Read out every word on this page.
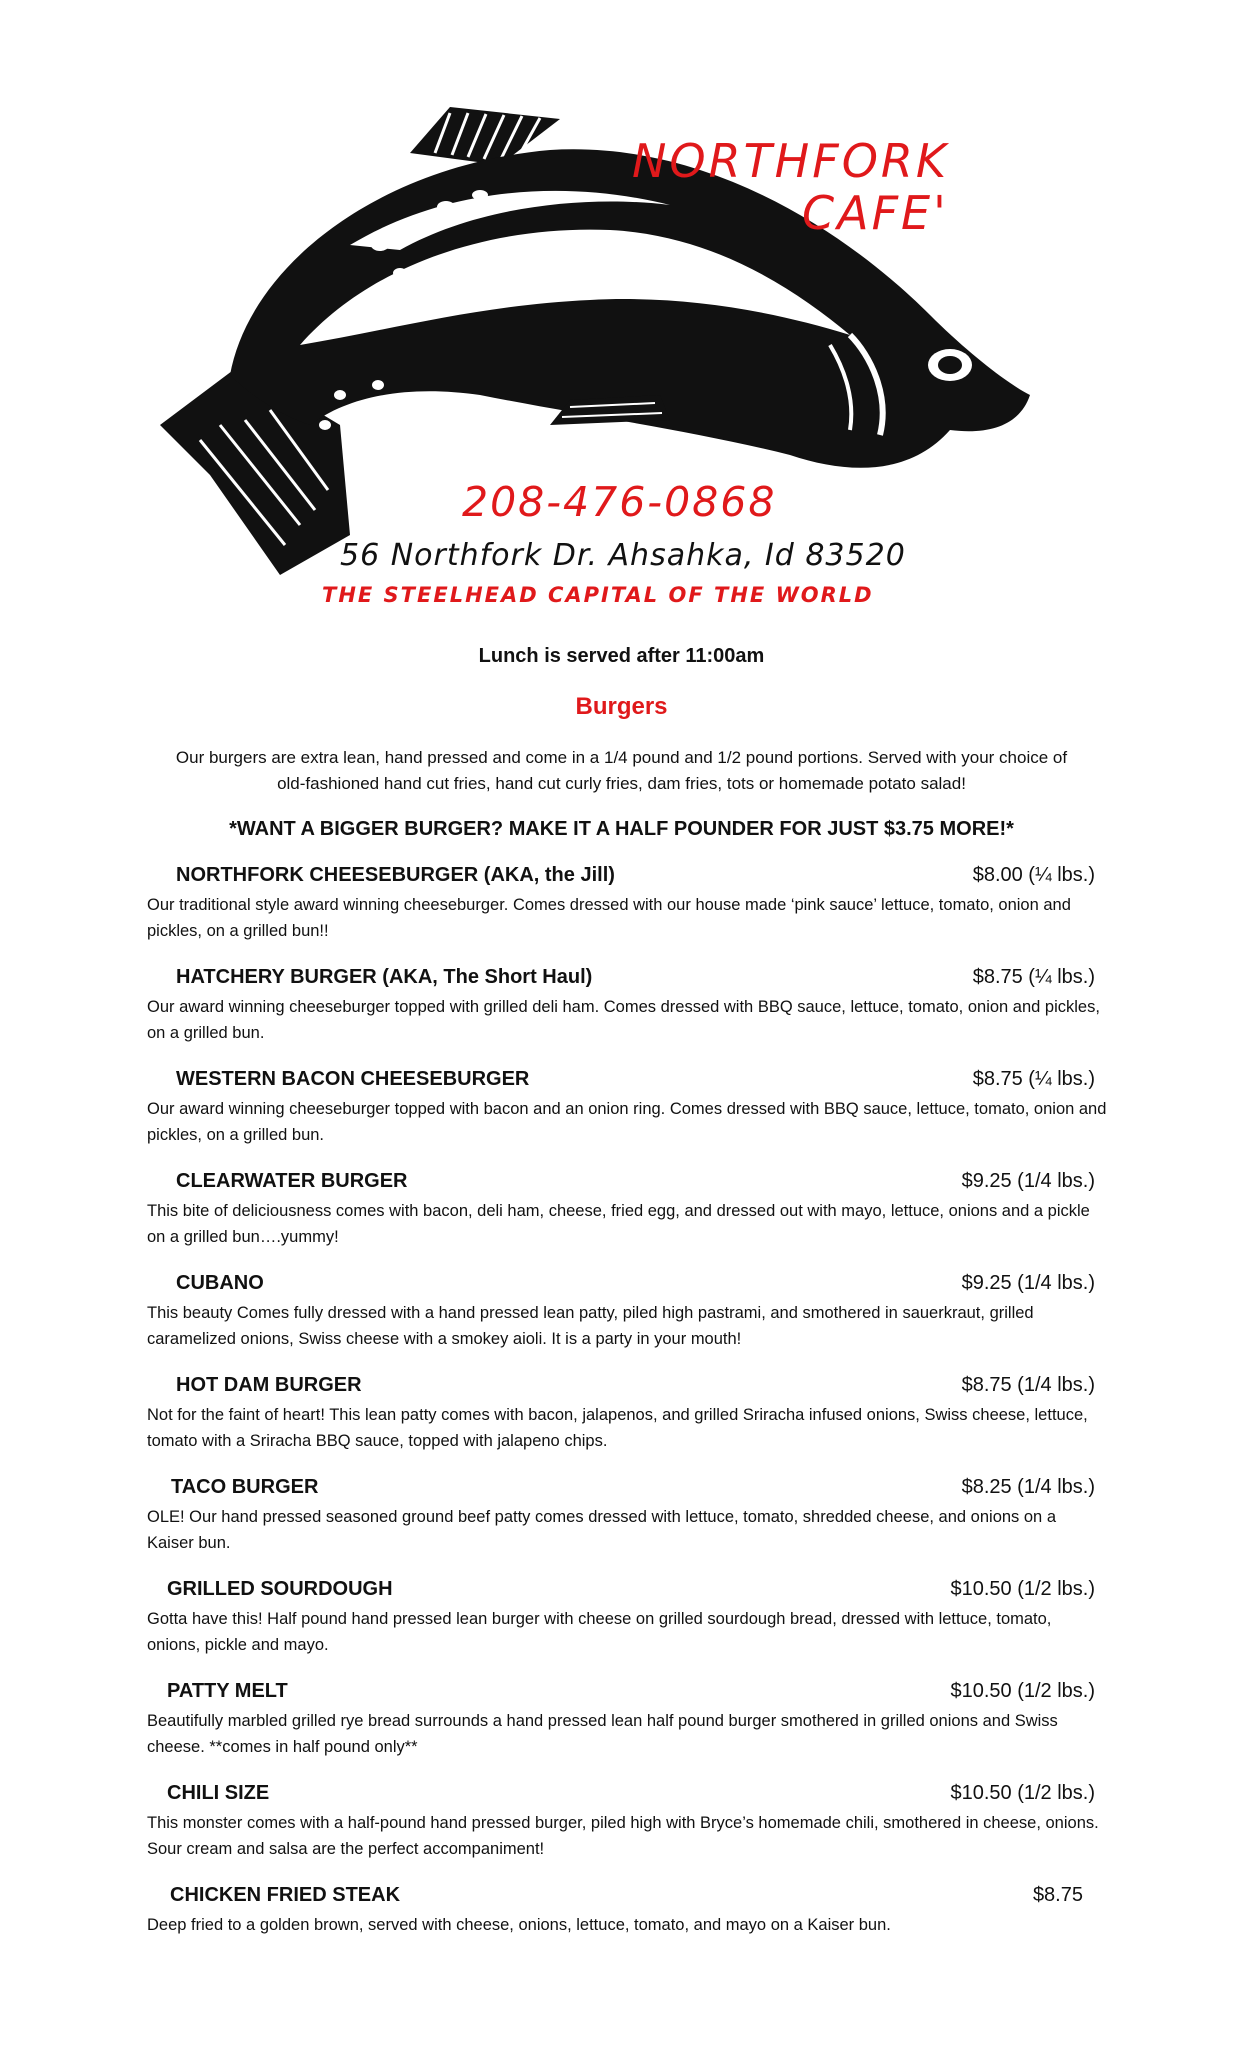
NORTHFORK
CAFE'
208-476-0868
56 Northfork Dr. Ahsahka, Id 83520
THE STEELHEAD CAPITAL OF THE WORLD
Lunch is served after 11:00am
Burgers
Our burgers are extra lean, hand pressed and come in a 1/4 pound and 1/2 pound portions. Served with your choice of old-fashioned hand cut fries, hand cut curly fries, dam fries, tots or homemade potato salad!
*WANT A BIGGER BURGER? MAKE IT A HALF POUNDER FOR JUST $3.75 MORE!*
NORTHFORK CHEESEBURGER (AKA, the Jill)	$8.00 (¼ lbs.)
Our traditional style award winning cheeseburger. Comes dressed with our house made ‘pink sauce’ lettuce, tomato, onion and pickles, on a grilled bun!!
HATCHERY BURGER (AKA, The Short Haul)	$8.75 (¼ lbs.)
Our award winning cheeseburger topped with grilled deli ham. Comes dressed with BBQ sauce, lettuce, tomato, onion and pickles, on a grilled bun.
WESTERN BACON CHEESEBURGER	$8.75 (¼ lbs.)
Our award winning cheeseburger topped with bacon and an onion ring. Comes dressed with BBQ sauce, lettuce, tomato, onion and pickles, on a grilled bun.
CLEARWATER BURGER	$9.25 (1/4 lbs.)
This bite of deliciousness comes with bacon, deli ham, cheese, fried egg, and dressed out with mayo, lettuce, onions and a pickle on a grilled bun….yummy!
CUBANO	$9.25 (1/4 lbs.)
This beauty Comes fully dressed with a hand pressed lean patty, piled high pastrami, and smothered in sauerkraut, grilled caramelized onions, Swiss cheese with a smokey aioli. It is a party in your mouth!
HOT DAM BURGER	$8.75 (1/4 lbs.)
Not for the faint of heart! This lean patty comes with bacon, jalapenos, and grilled Sriracha infused onions, Swiss cheese, lettuce, tomato with a Sriracha BBQ sauce, topped with jalapeno chips.
TACO BURGER	$8.25 (1/4 lbs.)
OLE! Our hand pressed seasoned ground beef patty comes dressed with lettuce, tomato, shredded cheese, and onions on a Kaiser bun.
GRILLED SOURDOUGH	$10.50 (1/2 lbs.)
Gotta have this! Half pound hand pressed lean burger with cheese on grilled sourdough bread, dressed with lettuce, tomato, onions, pickle and mayo.
PATTY MELT	$10.50 (1/2 lbs.)
Beautifully marbled grilled rye bread surrounds a hand pressed lean half pound burger smothered in grilled onions and Swiss cheese. **comes in half pound only**
CHILI SIZE	$10.50 (1/2 lbs.)
This monster comes with a half-pound hand pressed burger, piled high with Bryce’s homemade chili, smothered in cheese, onions. Sour cream and salsa are the perfect accompaniment!
CHICKEN FRIED STEAK	$8.75
Deep fried to a golden brown, served with cheese, onions, lettuce, tomato, and mayo on a Kaiser bun.
